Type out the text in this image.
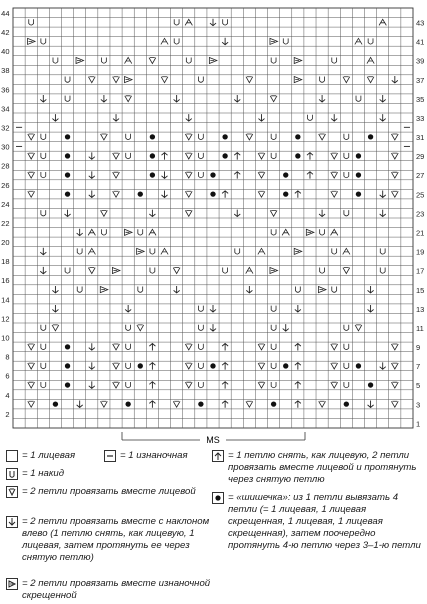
2
4
6
8
10
12
14
16
18
20
22
24
26
28
30
32
34
36
38
40
42
44
1
3
5
7
9
11
13
15
17
19
21
23
25
27
29
31
33
35
37
39
41
43
MS
= 1 лицевая	= 1 изнаночная
= 1 накид
= 2 петли провязать вместе лицевой
= 2 петли провязать вместе с наклоном влево (1 петлю снять, как лицевую, 1 лицевая, затем протянуть ее через снятую петлю)
= 2 петли провязать вместе изнаночной скрещенной
= 1 петлю снять, как лицевую, 2 петли провязать вместе лицевой и протянуть через снятую петлю
= «шишечка»: из 1 петли вывязать 4 петли (= 1 лицевая, 1 лицевая скрещенная, 1 лицевая, 1 лицевая скрещенная), затем поочередно протянуть 4-ю петлю через 3–1-ю петли
